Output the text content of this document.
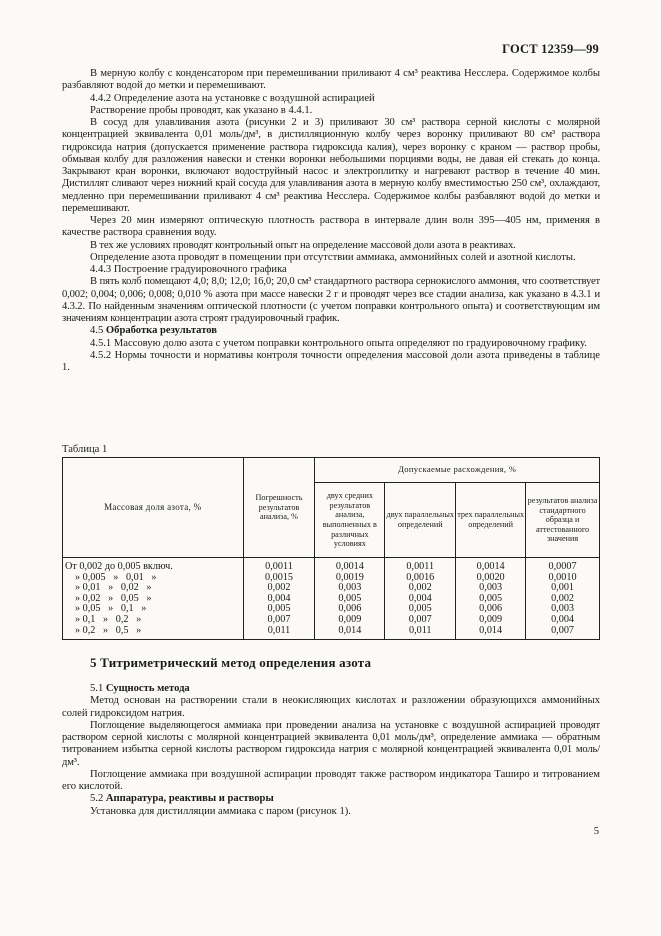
ГОСТ 12359—99

В мерную колбу с конденсатором при перемешивании приливают 4 см³ реактива Несслера. Содержимое колбы разбавляют водой до метки и перемешивают.

4.4.2 Определение азота на установке с воздушной аспирацией

Растворение пробы проводят, как указано в 4.4.1.

В сосуд для улавливания азота (рисунки 2 и 3) приливают 30 см³ раствора серной кислоты с молярной концентрацией эквивалента 0,01 моль/дм³, в дистилляционную колбу через воронку приливают 80 см³ раствора гидроксида натрия (допускается применение раствора гидроксида калия), через воронку с краном — раствор пробы, обмывая колбу для разложения навески и стенки воронки небольшими порциями воды, не давая ей стекать до конца. Закрывают кран воронки, включают водоструйный насос и электроплитку и нагревают раствор в течение 40 мин. Дистиллят сливают через нижний край сосуда для улавливания азота в мерную колбу вместимостью 250 см³, охлаждают, медленно при перемешивании приливают 4 см³ реактива Несслера. Содержимое колбы разбавляют водой до метки и перемешивают.

Через 20 мин измеряют оптическую плотность раствора в интервале длин волн 395—405 нм, применяя в качестве раствора сравнения воду.

В тех же условиях проводят контрольный опыт на определение массовой доли азота в реактивах.

Определение азота проводят в помещении при отсутствии аммиака, аммонийных солей и азотной кислоты.

4.4.3 Построение градуировочного графика

В пять колб помещают 4,0; 8,0; 12,0; 16,0; 20,0 см³ стандартного раствора сернокислого аммония, что соответствует 0,002; 0,004; 0,006; 0,008; 0,010 % азота при массе навески 2 г и проводят через все стадии анализа, как указано в 4.3.1 и 4.3.2. По найденным значениям оптической плотности (с учетом поправки контрольного опыта) и соответствующим им значениям концентрации азота строят градуировочный график.

4.5 Обработка результатов

4.5.1 Массовую долю азота с учетом поправки контрольного опыта определяют по градуировочному графику.

4.5.2 Нормы точности и нормативы контроля точности определения массовой доли азота приведены в таблице 1.

Таблица 1
Массовая доля азота, %	Погрешность результатов анализа, %	Допускаемые расхождения, %			
		двух средних результатов анализа, выполненных в различных условиях	двух параллельных определений	трех параллельных определений	результатов анализа стандартного образца и аттестованного значения
От 0,002 до 0,005 включ.	0,0011	0,0014	0,0011	0,0014	0,0007
» 0,005   »   0,01   »	0,0015	0,0019	0,0016	0,0020	0,0010
» 0,01   »   0,02   »	0,002	0,003	0,002	0,003	0,001
» 0,02   »   0,05   »	0,004	0,005	0,004	0,005	0,002
» 0,05   »   0,1   »	0,005	0,006	0,005	0,006	0,003
» 0,1   »   0,2   »	0,007	0,009	0,007	0,009	0,004
» 0,2   »   0,5   »	0,011	0,014	0,011	0,014	0,007
5 Титриметрический метод определения азота

5.1 Сущность метода

Метод основан на растворении стали в неокисляющих кислотах и разложении образующихся аммонийных солей гидроксидом натрия.

Поглощение выделяющегося аммиака при проведении анализа на установке с воздушной аспирацией проводят раствором серной кислоты с молярной концентрацией эквивалента 0,01 моль/дм³, определение аммиака — обратным титрованием избытка серной кислоты раствором гидроксида натрия с молярной концентрацией эквивалента 0,01 моль/дм³.

Поглощение аммиака при воздушной аспирации проводят также раствором индикатора Таширо и титрованием его кислотой.

5.2 Аппаратура, реактивы и растворы

Установка для дистилляции аммиака с паром (рисунок 1).

5
